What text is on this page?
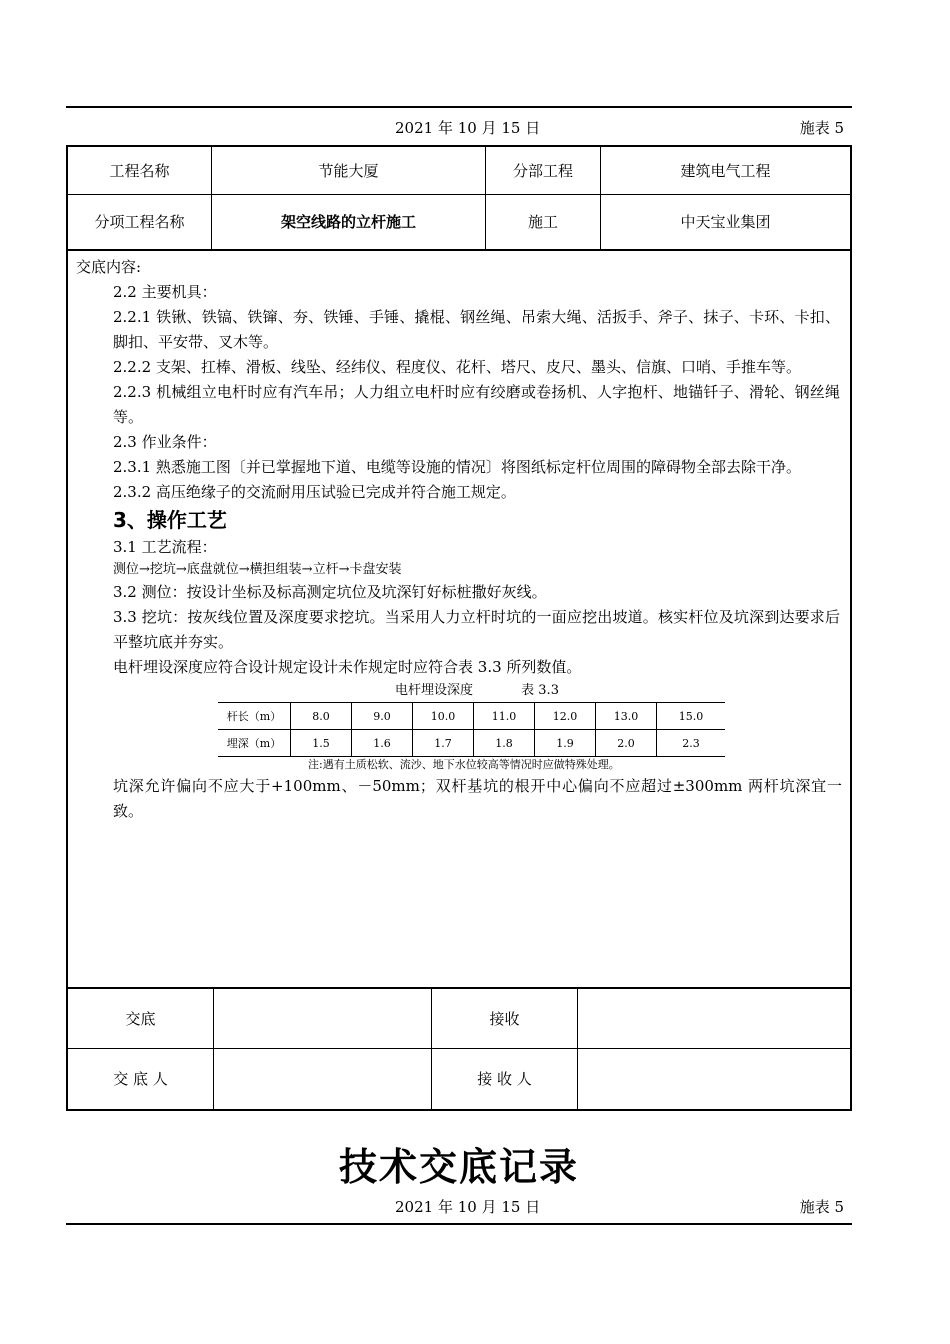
2021 年 10 月 15 日	施表 5
工程名称	节能大厦	分部工程	建筑电气工程
分项工程名称	架空线路的立杆施工	施工	中天宝业集团

交底内容:

2.2 主要机具：

2.2.1 铁锹、铁镐、铁镩、夯、铁锤、手锤、撬棍、钢丝绳、吊索大绳、活扳手、斧子、抹子、卡环、卡扣、脚扣、平安带、叉木等。

2.2.2 支架、扛棒、滑板、线坠、经纬仪、程度仪、花杆、塔尺、皮尺、墨头、信旗、口哨、手推车等。

2.2.3 机械组立电杆时应有汽车吊；人力组立电杆时应有绞磨或卷扬机、人字抱杆、地锚钎子、滑轮、钢丝绳等。

2.3 作业条件：

2.3.1 熟悉施工图〔并已掌握地下道、电缆等设施的情况〕将图纸标定杆位周围的障碍物全部去除干净。

2.3.2 高压绝缘子的交流耐用压试验已完成并符合施工规定。

3、操作工艺

3.1 工艺流程：

测位→挖坑→底盘就位→横担组装→立杆→卡盘安装

3.2 测位：按设计坐标及标高测定坑位及坑深钉好标桩撒好灰线。

3.3 挖坑：按灰线位置及深度要求挖坑。当采用人力立杆时坑的一面应挖出坡道。核实杆位及坑深到达要求后平整坑底并夯实。

电杆埋设深度应符合设计规定设计未作规定时应符合表 3.3 所列数值。

电杆埋设深度	表 3.3
杆长（m）	8.0	9.0	10.0	11.0	12.0	13.0	15.0
埋深（m）	1.5	1.6	1.7	1.8	1.9	2.0	2.3
注:遇有土质松软、流沙、地下水位较高等情况时应做特殊处理。

坑深允许偏向不应大于+100mm、－50mm；双杆基坑的根开中心偏向不应超过±300mm 两杆坑深宜一致。

交底		接收	
交 底 人		接 收 人	
技术交底记录
2021 年 10 月 15 日	施表 5
